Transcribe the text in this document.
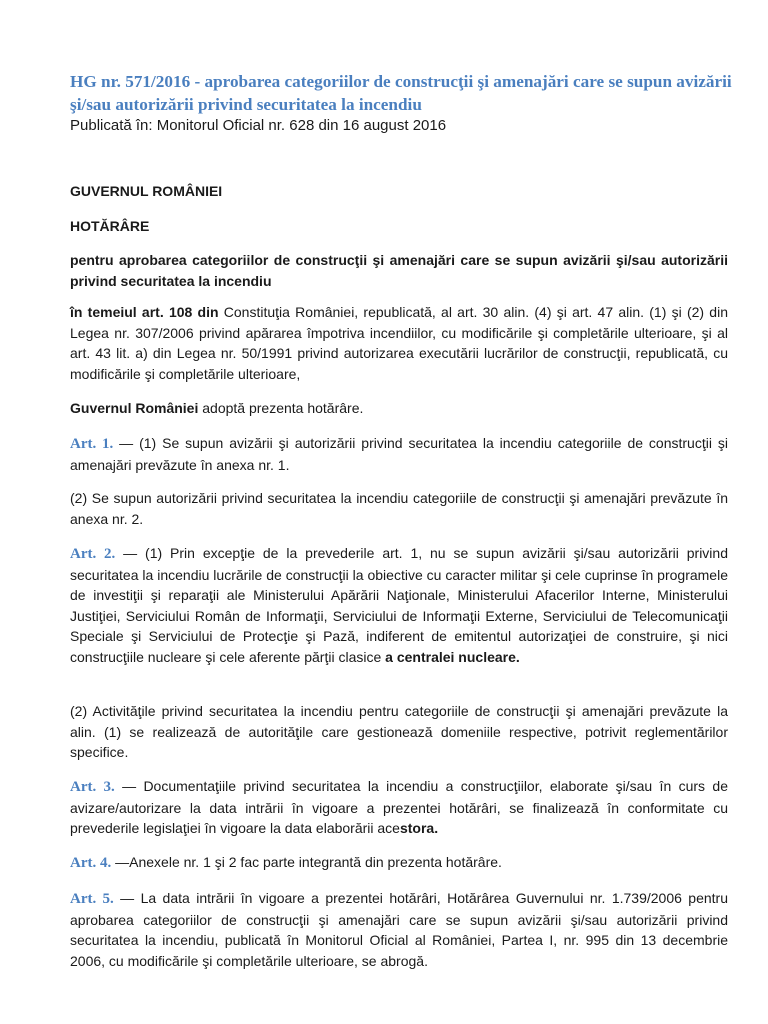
HG nr. 571/2016 - aprobarea categoriilor de construcţii şi amenajări care se supun avizării şi/sau autorizării privind securitatea la incendiu

Publicată în: Monitorul Oficial nr. 628 din 16 august 2016

GUVERNUL ROMÂNIEI

HOTĂRÂRE

pentru aprobarea categoriilor de construcţii şi amenajări care se supun avizării şi/sau autorizării privind securitatea la incendiu

în temeiul art. 108 din Constituţia României, republicată, al art. 30 alin. (4) şi art. 47 alin. (1) şi (2) din Legea nr. 307/2006 privind apărarea împotriva incendiilor, cu modificările şi completările ulterioare, şi al art. 43 lit. a) din Legea nr. 50/1991 privind autorizarea executării lucrărilor de construcţii, republicată, cu modificările şi completările ulterioare,

Guvernul României adoptă prezenta hotărâre.

Art. 1. — (1) Se supun avizării şi autorizării privind securitatea la incendiu categoriile de construcţii şi amenajări prevăzute în anexa nr. 1.

(2) Se supun autorizării privind securitatea la incendiu categoriile de construcţii şi amenajări prevăzute în anexa nr. 2.

Art. 2. — (1) Prin excepţie de la prevederile art. 1, nu se supun avizării şi/sau autorizării privind securitatea la incendiu lucrările de construcţii la obiective cu caracter militar şi cele cuprinse în programele de investiţii şi reparaţii ale Ministerului Apărării Naţionale, Ministerului Afacerilor Interne, Ministerului Justiţiei, Serviciului Român de Informaţii, Serviciului de Informaţii Externe, Serviciului de Telecomunicaţii Speciale şi Serviciului de Protecţie şi Pază, indiferent de emitentul autorizaţiei de construire, şi nici construcţiile nucleare şi cele aferente părţii clasice a centralei nucleare.

(2) Activităţile privind securitatea la incendiu pentru categoriile de construcţii şi amenajări prevăzute la alin. (1) se realizează de autorităţile care gestionează domeniile respective, potrivit reglementărilor specifice.

Art. 3. — Documentaţiile privind securitatea la incendiu a construcţiilor, elaborate şi/sau în curs de avizare/autorizare la data intrării în vigoare a prezentei hotărâri, se finalizează în conformitate cu prevederile legislaţiei în vigoare la data elaborării acestora.

Art. 4. —Anexele nr. 1 şi 2 fac parte integrantă din prezenta hotărâre.

Art. 5. — La data intrării în vigoare a prezentei hotărâri, Hotărârea Guvernului nr. 1.739/2006 pentru aprobarea categoriilor de construcţii şi amenajări care se supun avizării şi/sau autorizării privind securitatea la incendiu, publicată în Monitorul Oficial al României, Partea I, nr. 995 din 13 decembrie 2006, cu modificările şi completările ulterioare, se abrogă.
